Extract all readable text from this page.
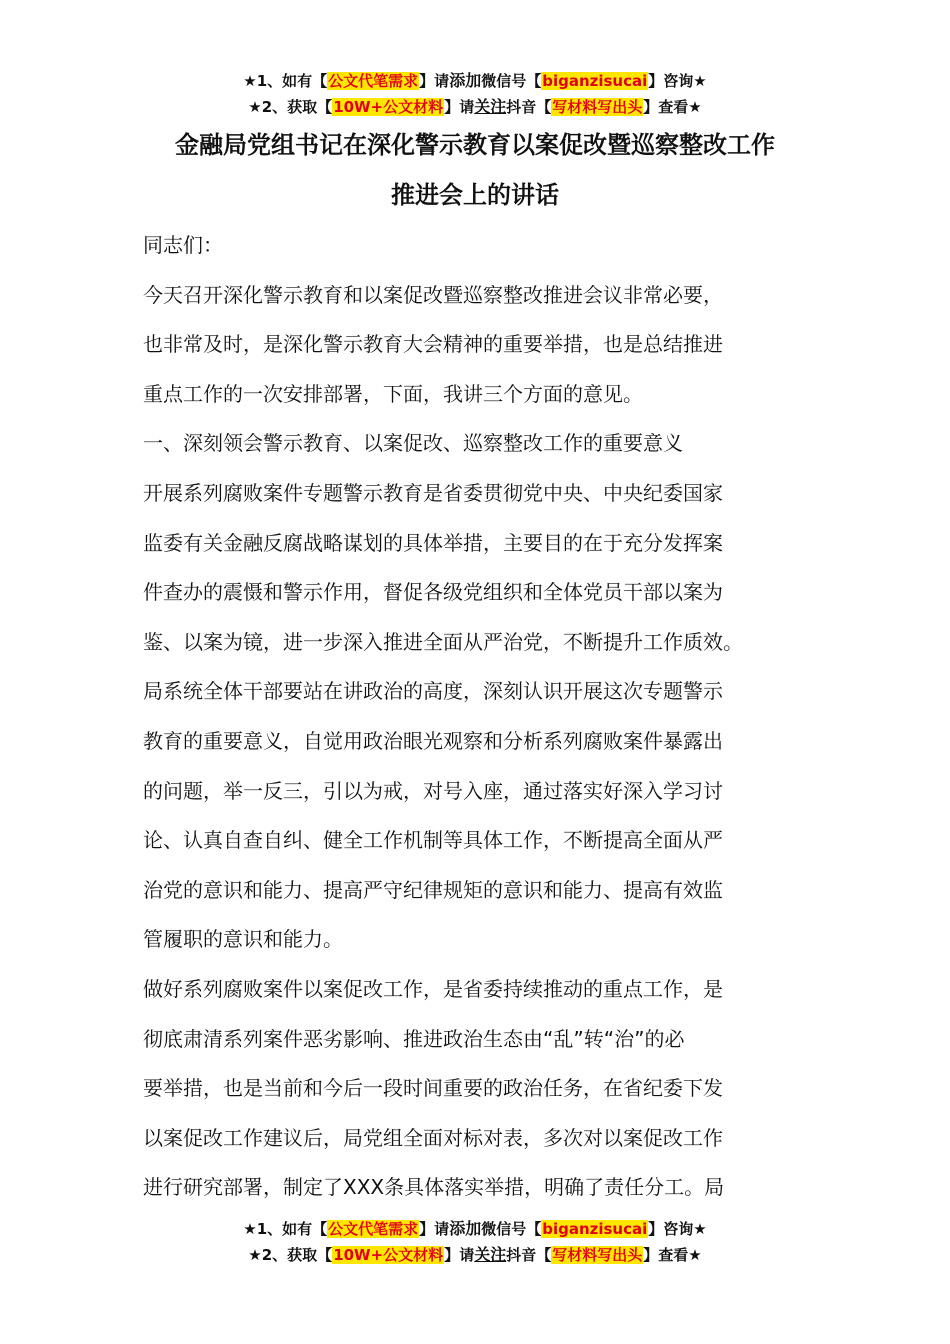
★1、如有【公文代笔需求】请添加微信号【biganzisucai】咨询★
★2、获取【10W+公文材料】请关注抖音【写材料写出头】查看★
金融局党组书记在深化警示教育以案促改暨巡察整改工作
推进会上的讲话
同志们：
今天召开深化警示教育和以案促改暨巡察整改推进会议非常必要，
也非常及时，是深化警示教育大会精神的重要举措，也是总结推进
重点工作的一次安排部署，下面，我讲三个方面的意见。
一、深刻领会警示教育、以案促改、巡察整改工作的重要意义
开展系列腐败案件专题警示教育是省委贯彻党中央、中央纪委国家
监委有关金融反腐战略谋划的具体举措，主要目的在于充分发挥案
件查办的震慑和警示作用，督促各级党组织和全体党员干部以案为
鉴、以案为镜，进一步深入推进全面从严治党，不断提升工作质效。
局系统全体干部要站在讲政治的高度，深刻认识开展这次专题警示
教育的重要意义，自觉用政治眼光观察和分析系列腐败案件暴露出
的问题，举一反三，引以为戒，对号入座，通过落实好深入学习讨
论、认真自查自纠、健全工作机制等具体工作，不断提高全面从严
治党的意识和能力、提高严守纪律规矩的意识和能力、提高有效监
管履职的意识和能力。
做好系列腐败案件以案促改工作，是省委持续推动的重点工作，是
彻底肃清系列案件恶劣影响、推进政治生态由“乱”转“治”的必
要举措，也是当前和今后一段时间重要的政治任务，在省纪委下发
以案促改工作建议后，局党组全面对标对表，多次对以案促改工作
进行研究部署，制定了XXX条具体落实举措，明确了责任分工。局
★1、如有【公文代笔需求】请添加微信号【biganzisucai】咨询★
★2、获取【10W+公文材料】请关注抖音【写材料写出头】查看★
